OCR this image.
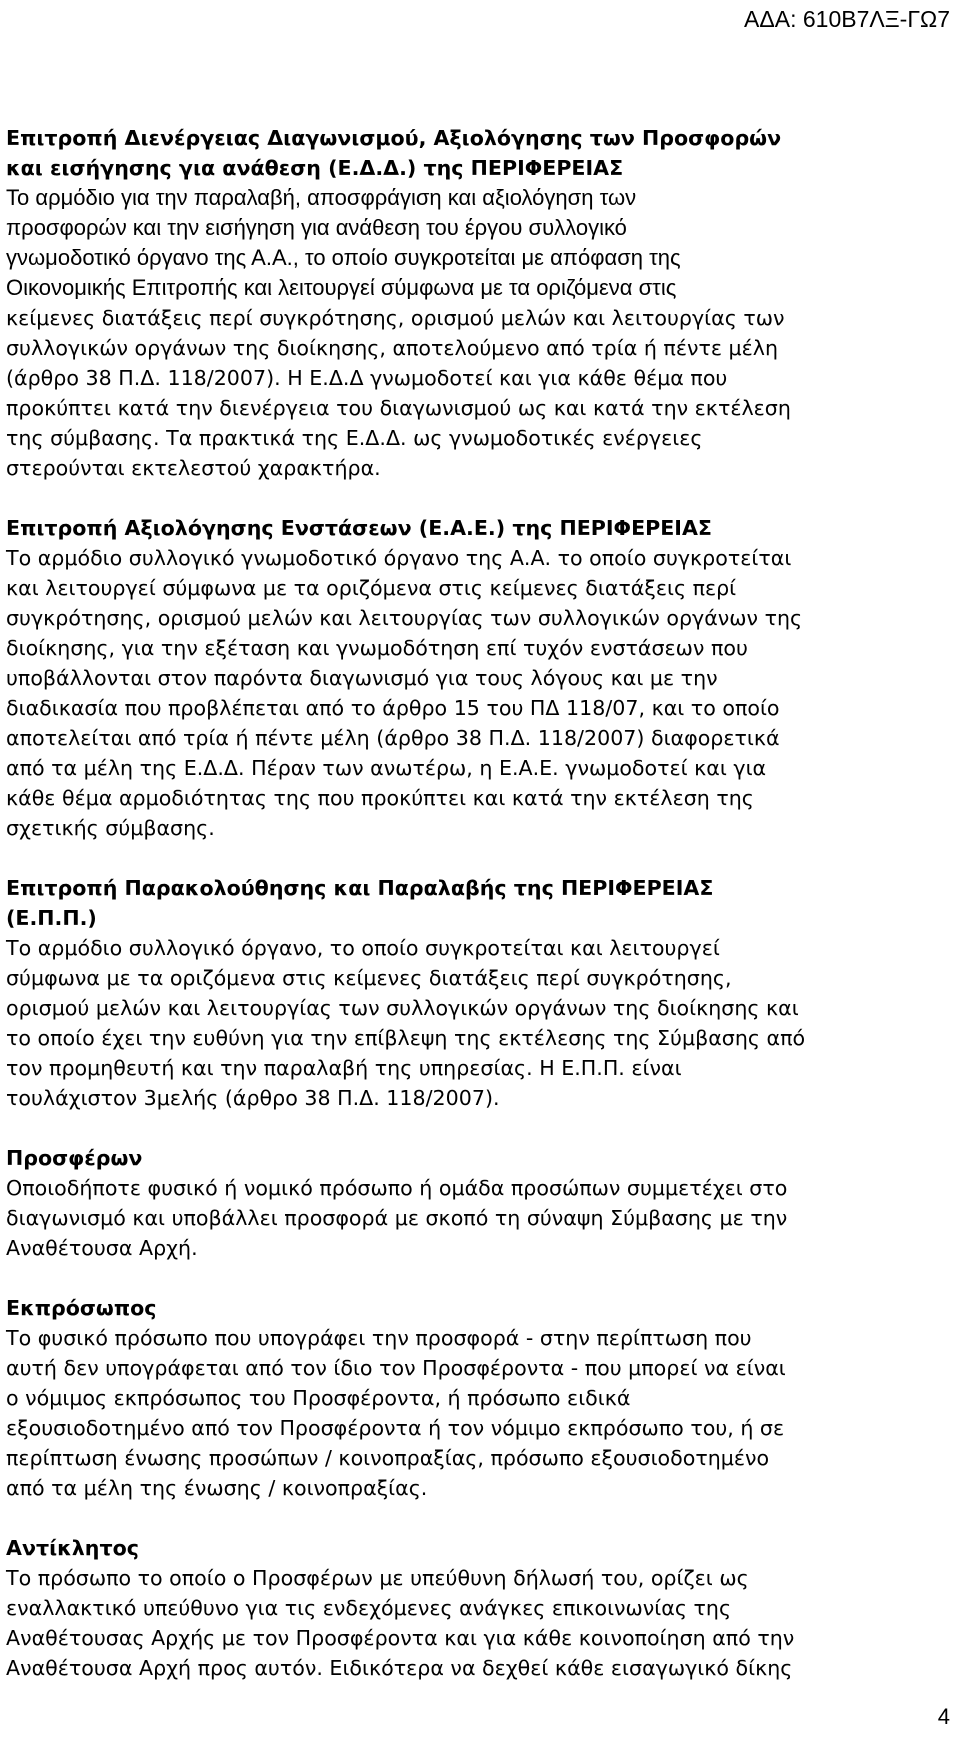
ΑΔΑ: 610Β7ΛΞ-ΓΩ7
Επιτροπή Διενέργειας Διαγωνισμού, Αξιολόγησης των Προσφορών
και εισήγησης για ανάθεση (Ε.Δ.Δ.) της ΠΕΡΙΦΕΡΕΙΑΣ
Το αρμόδιο για την παραλαβή, αποσφράγιση και αξιολόγηση των
προσφορών και την εισήγηση για ανάθεση του έργου συλλογικό
γνωμοδοτικό όργανο της Α.Α., το οποίο συγκροτείται με απόφαση της
Οικονομικής Επιτροπής και λειτουργεί σύμφωνα με τα οριζόμενα στις
κείμενες διατάξεις περί συγκρότησης, ορισμού μελών και λειτουργίας των
συλλογικών οργάνων της διοίκησης, αποτελούμενο από τρία ή πέντε μέλη
(άρθρο 38 Π.Δ. 118/2007). Η Ε.Δ.Δ γνωμοδοτεί και για κάθε θέμα που
προκύπτει κατά την διενέργεια του διαγωνισμού ως και κατά την εκτέλεση
της σύμβασης. Τα πρακτικά της Ε.Δ.Δ. ως γνωμοδοτικές ενέργειες
στερούνται εκτελεστού χαρακτήρα.
Επιτροπή Αξιολόγησης Ενστάσεων (Ε.Α.Ε.) της ΠΕΡΙΦΕΡΕΙΑΣ
Το αρμόδιο συλλογικό γνωμοδοτικό όργανο της Α.Α. το οποίο συγκροτείται
και λειτουργεί σύμφωνα με τα οριζόμενα στις κείμενες διατάξεις περί
συγκρότησης, ορισμού μελών και λειτουργίας των συλλογικών οργάνων της
διοίκησης, για την εξέταση και γνωμοδότηση επί τυχόν ενστάσεων που
υποβάλλονται στον παρόντα διαγωνισμό για τους λόγους και με την
διαδικασία που προβλέπεται από το άρθρο 15 του ΠΔ 118/07, και το οποίο
αποτελείται από τρία ή πέντε μέλη (άρθρο 38 Π.Δ. 118/2007) διαφορετικά
από τα μέλη της Ε.Δ.Δ. Πέραν των ανωτέρω, η Ε.Α.Ε. γνωμοδοτεί και για
κάθε θέμα αρμοδιότητας της που προκύπτει και κατά την εκτέλεση της
σχετικής σύμβασης.
Επιτροπή Παρακολούθησης και Παραλαβής της ΠΕΡΙΦΕΡΕΙΑΣ
(Ε.Π.Π.)
Το αρμόδιο συλλογικό όργανο, το οποίο συγκροτείται και λειτουργεί
σύμφωνα με τα οριζόμενα στις κείμενες διατάξεις περί συγκρότησης,
ορισμού μελών και λειτουργίας των συλλογικών οργάνων της διοίκησης και
το οποίο έχει την ευθύνη για την επίβλεψη της εκτέλεσης της Σύμβασης από
τον προμηθευτή και την παραλαβή της υπηρεσίας. Η Ε.Π.Π. είναι
τουλάχιστον 3μελής (άρθρο 38 Π.Δ. 118/2007).
Προσφέρων
Οποιοδήποτε φυσικό ή νομικό πρόσωπο ή ομάδα προσώπων συμμετέχει στο
διαγωνισμό και υποβάλλει προσφορά με σκοπό τη σύναψη Σύμβασης με την
Αναθέτουσα Αρχή.
Εκπρόσωπος
Το φυσικό πρόσωπο που υπογράφει την προσφορά - στην περίπτωση που
αυτή δεν υπογράφεται από τον ίδιο τον Προσφέροντα - που μπορεί να είναι
ο νόμιμος εκπρόσωπος του Προσφέροντα, ή πρόσωπο ειδικά
εξουσιοδοτημένο από τον Προσφέροντα ή τον νόμιμο εκπρόσωπο του, ή σε
περίπτωση ένωσης προσώπων / κοινοπραξίας, πρόσωπο εξουσιοδοτημένο
από τα μέλη της ένωσης / κοινοπραξίας.
Αντίκλητος
Το πρόσωπο το οποίο ο Προσφέρων με υπεύθυνη δήλωσή του, ορίζει ως
εναλλακτικό υπεύθυνο για τις ενδεχόμενες ανάγκες επικοινωνίας της
Αναθέτουσας Αρχής με τον Προσφέροντα και για κάθε κοινοποίηση από την
Αναθέτουσα Αρχή προς αυτόν. Ειδικότερα να δεχθεί κάθε εισαγωγικό δίκης
4
